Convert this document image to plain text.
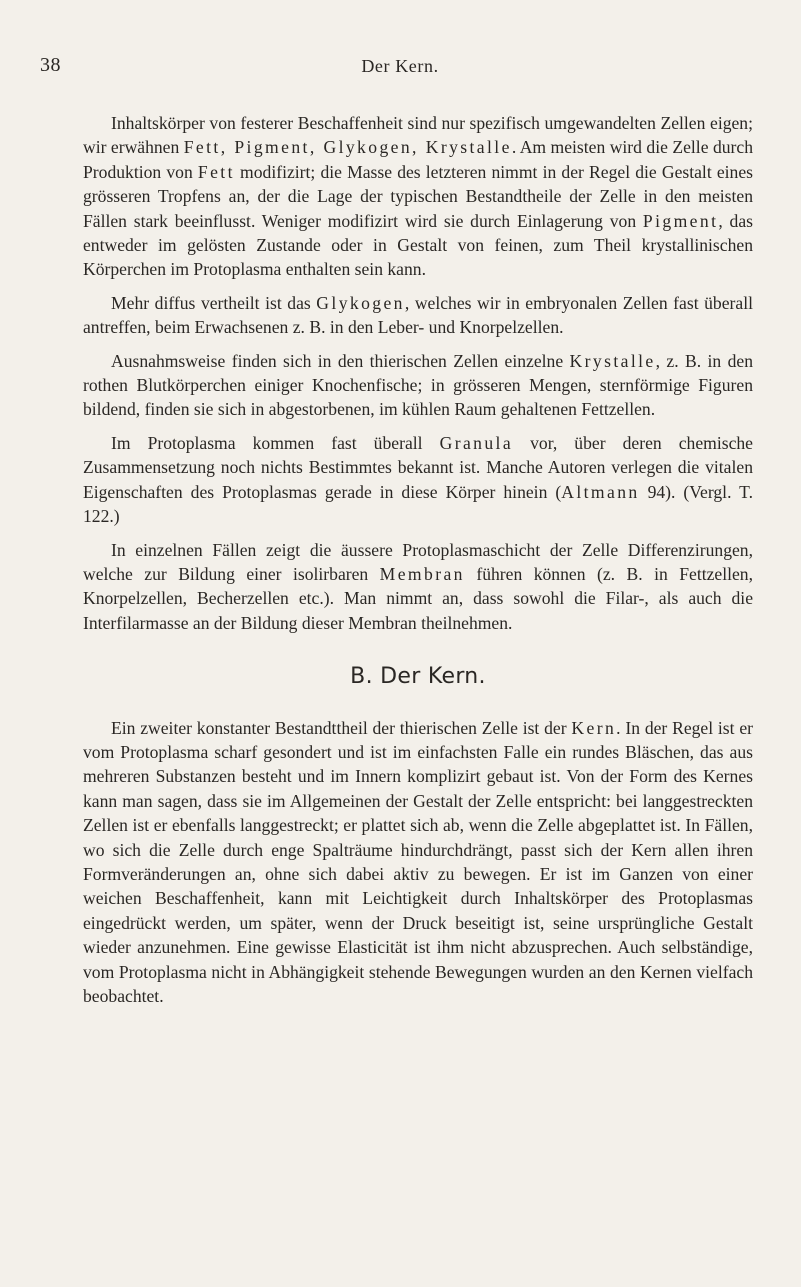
38	Der Kern.

Inhaltskörper von festerer Beschaffenheit sind nur spezifisch umgewandelten Zellen eigen; wir erwähnen Fett, Pigment, Glykogen, Krystalle. Am meisten wird die Zelle durch Produktion von Fett modifizirt; die Masse des letzteren nimmt in der Regel die Gestalt eines grösseren Tropfens an, der die Lage der typischen Bestandtheile der Zelle in den meisten Fällen stark beeinflusst. Weniger modifizirt wird sie durch Einlagerung von Pigment, das entweder im gelösten Zustande oder in Gestalt von feinen, zum Theil krystallinischen Körperchen im Protoplasma enthalten sein kann.

Mehr diffus vertheilt ist das Glykogen, welches wir in embryonalen Zellen fast überall antreffen, beim Erwachsenen z. B. in den Leber- und Knorpelzellen.

Ausnahmsweise finden sich in den thierischen Zellen einzelne Krystalle, z. B. in den rothen Blutkörperchen einiger Knochenfische; in grösseren Mengen, sternförmige Figuren bildend, finden sie sich in abgestorbenen, im kühlen Raum gehaltenen Fettzellen.

Im Protoplasma kommen fast überall Granula vor, über deren chemische Zusammensetzung noch nichts Bestimmtes bekannt ist. Manche Autoren verlegen die vitalen Eigenschaften des Protoplasmas gerade in diese Körper hinein (Altmann 94). (Vergl. T. 122.)

In einzelnen Fällen zeigt die äussere Protoplasmaschicht der Zelle Differenzirungen, welche zur Bildung einer isolirbaren Membran führen können (z. B. in Fettzellen, Knorpelzellen, Becherzellen etc.). Man nimmt an, dass sowohl die Filar-, als auch die Interfilarmasse an der Bildung dieser Membran theilnehmen.

B. Der Kern.

Ein zweiter konstanter Bestandttheil der thierischen Zelle ist der Kern. In der Regel ist er vom Protoplasma scharf gesondert und ist im einfachsten Falle ein rundes Bläschen, das aus mehreren Substanzen besteht und im Innern komplizirt gebaut ist. Von der Form des Kernes kann man sagen, dass sie im Allgemeinen der Gestalt der Zelle entspricht: bei langgestreckten Zellen ist er ebenfalls langgestreckt; er plattet sich ab, wenn die Zelle abgeplattet ist. In Fällen, wo sich die Zelle durch enge Spalträume hindurchdrängt, passt sich der Kern allen ihren Formveränderungen an, ohne sich dabei aktiv zu bewegen. Er ist im Ganzen von einer weichen Beschaffenheit, kann mit Leichtigkeit durch Inhaltskörper des Protoplasmas eingedrückt werden, um später, wenn der Druck beseitigt ist, seine ursprüngliche Gestalt wieder anzunehmen. Eine gewisse Elasticität ist ihm nicht abzusprechen. Auch selbständige, vom Protoplasma nicht in Abhängigkeit stehende Bewegungen wurden an den Kernen vielfach beobachtet.
